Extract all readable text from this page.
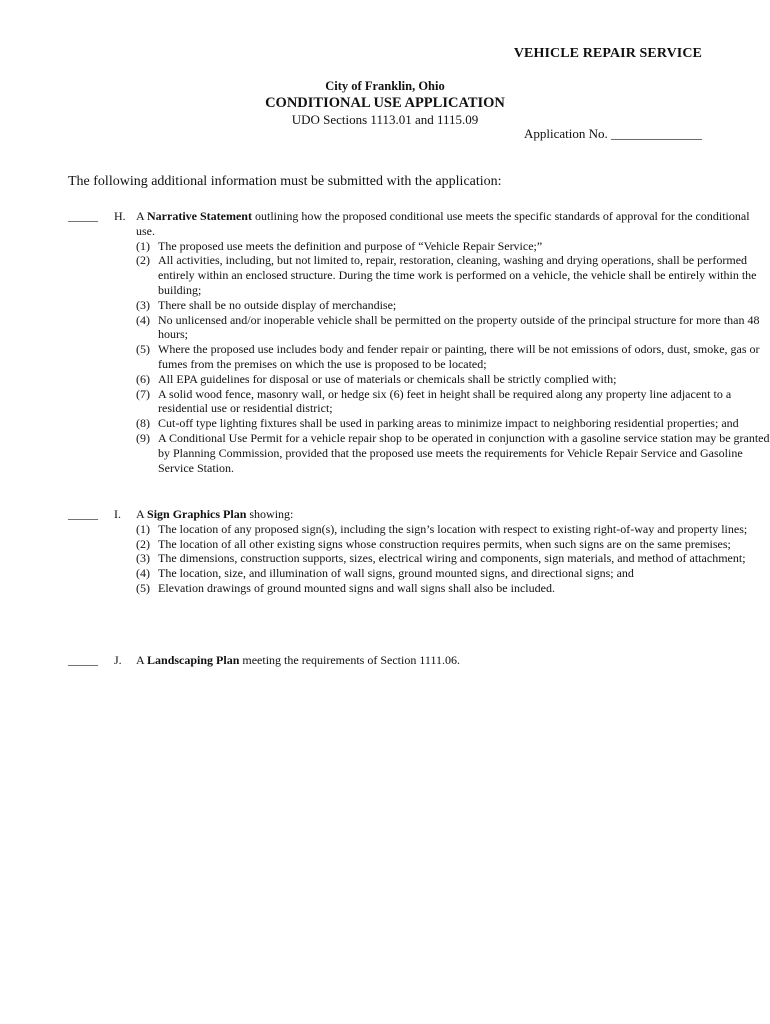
VEHICLE REPAIR SERVICE
City of Franklin, Ohio
CONDITIONAL USE APPLICATION
UDO Sections 1113.01 and 1115.09
Application No. ______________
The following additional information must be submitted with the application:
_____ H. A Narrative Statement outlining how the proposed conditional use meets the specific standards of approval for the conditional use.

(1) The proposed use meets the definition and purpose of “Vehicle Repair Service;”
(2) All activities, including, but not limited to, repair, restoration, cleaning, washing and drying operations, shall be performed entirely within an enclosed structure. During the time work is performed on a vehicle, the vehicle shall be entirely within the building;
(3) There shall be no outside display of merchandise;
(4) No unlicensed and/or inoperable vehicle shall be permitted on the property outside of the principal structure for more than 48 hours;
(5) Where the proposed use includes body and fender repair or painting, there will be not emissions of odors, dust, smoke, gas or fumes from the premises on which the use is proposed to be located;
(6) All EPA guidelines for disposal or use of materials or chemicals shall be strictly complied with;
(7) A solid wood fence, masonry wall, or hedge six (6) feet in height shall be required along any property line adjacent to a residential use or residential district;
(8) Cut-off type lighting fixtures shall be used in parking areas to minimize impact to neighboring residential properties; and
(9) A Conditional Use Permit for a vehicle repair shop to be operated in conjunction with a gasoline service station may be granted by Planning Commission, provided that the proposed use meets the requirements for Vehicle Repair Service and Gasoline Service Station.
_____ I. A Sign Graphics Plan showing:

(1) The location of any proposed sign(s), including the sign’s location with respect to existing right-of-way and property lines;
(2) The location of all other existing signs whose construction requires permits, when such signs are on the same premises;
(3) The dimensions, construction supports, sizes, electrical wiring and components, sign materials, and method of attachment;
(4) The location, size, and illumination of wall signs, ground mounted signs, and directional signs; and
(5) Elevation drawings of ground mounted signs and wall signs shall also be included.
_____ J. A Landscaping Plan meeting the requirements of Section 1111.06.
